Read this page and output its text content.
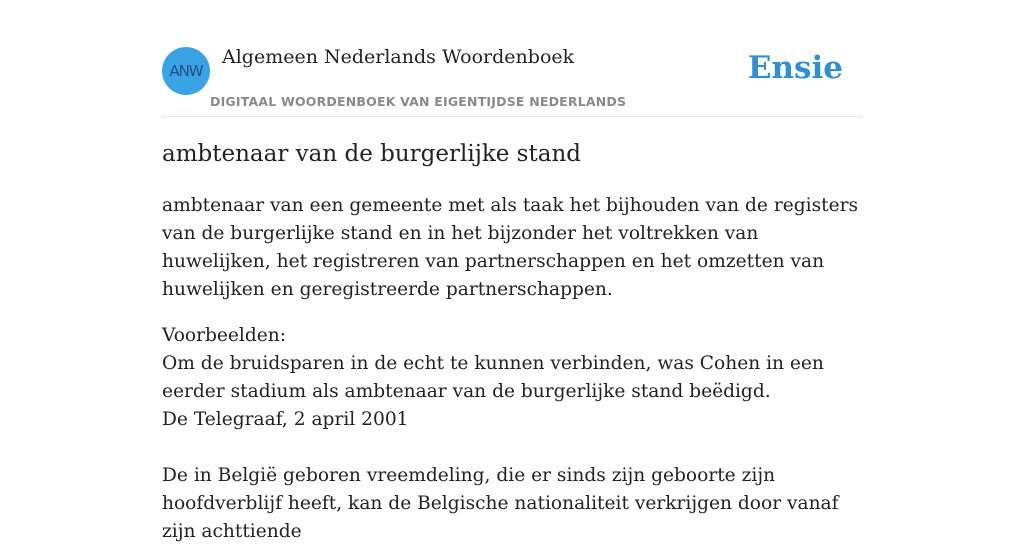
ANW
Algemeen Nederlands Woordenboek
DIGITAAL WOORDENBOEK VAN EIGENTIJDSE NEDERLANDS
Ensie
ambtenaar van de burgerlijke stand

ambtenaar van een gemeente met als taak het bijhouden van de registers van de burgerlijke stand en in het bijzonder het voltrekken van huwelijken, het registreren van partnerschappen en het omzetten van huwelijken en geregistreerde partnerschappen.

Voorbeelden:
Om de bruidsparen in de echt te kunnen verbinden, was Cohen in een eerder stadium als ambtenaar van de burgerlijke stand beëdigd.
De Telegraaf, 2 april 2001
De in België geboren vreemdeling, die er sinds zijn geboorte zijn hoofdverblijf heeft, kan de Belgische nationaliteit verkrijgen door vanaf zijn achttiende
